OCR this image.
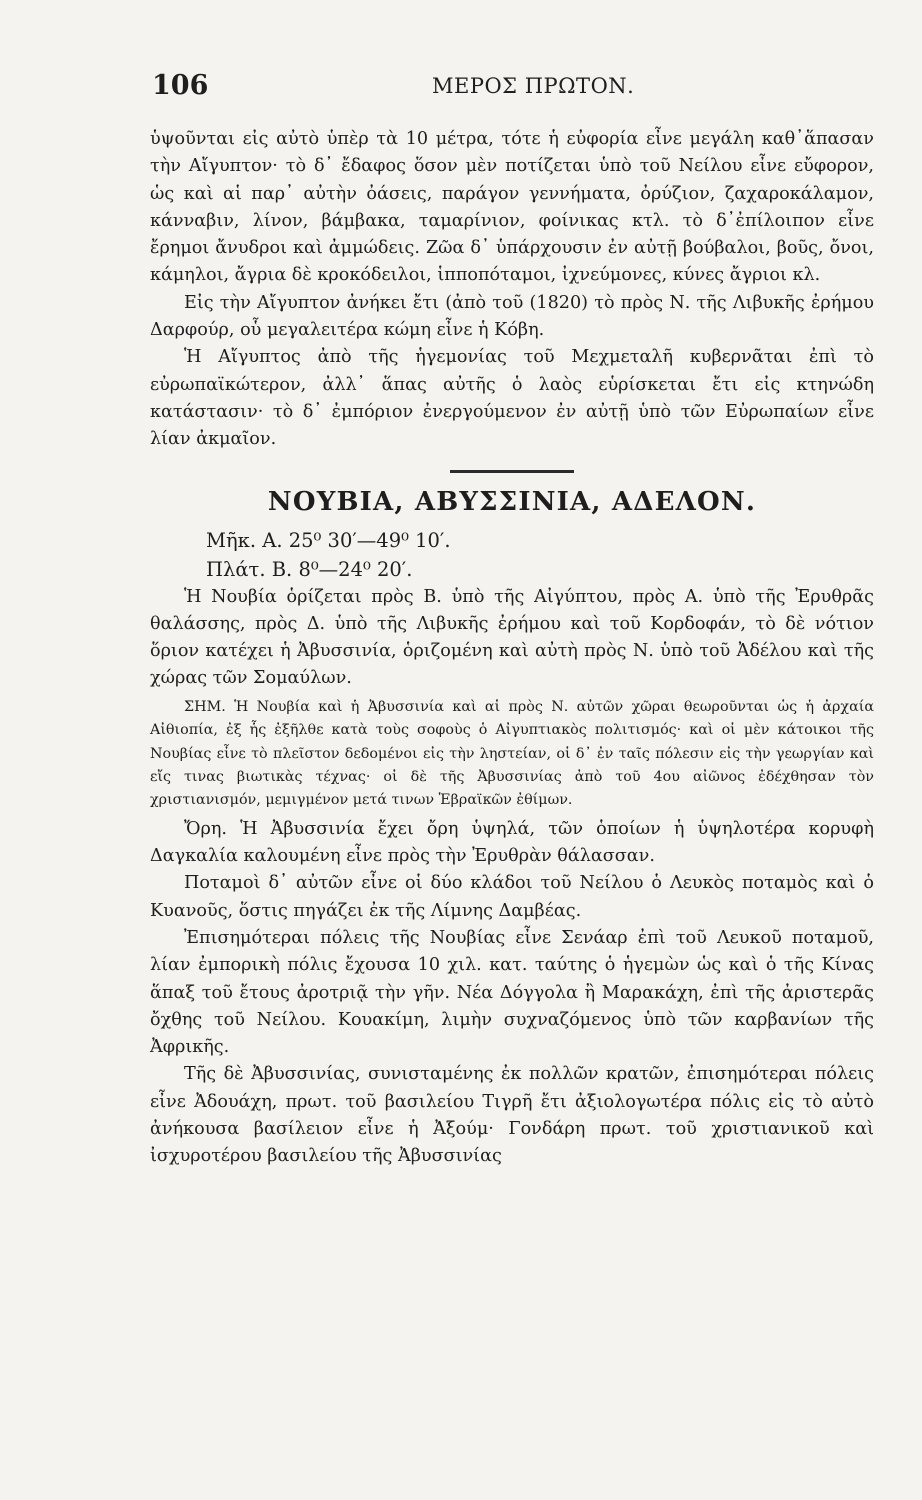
106	ΜΕΡΟΣ ΠΡΩΤΟΝ.

ὑψοῦνται εἰς αὐτὸ ὑπὲρ τὰ 10 μέτρα, τότε ἡ εὐφορία εἶνε μεγάλη καθ᾽ἅπασαν τὴν Αἴγυπτον· τὸ δ᾽ ἔδαφος ὅσον μὲν ποτίζεται ὑπὸ τοῦ Νείλου εἶνε εὔφορον, ὡς καὶ αἱ παρ᾽ αὐτὴν ὀάσεις, παράγον γεννήματα, ὀρύζιον, ζαχαροκάλαμον, κάνναβιν, λίνον, βάμβακα, ταμαρίνιον, φοίνικας κτλ. τὸ δ᾽ἐπίλοιπον εἶνε ἔρημοι ἄνυδροι καὶ ἀμμώδεις. Ζῶα δ᾽ ὑπάρχουσιν ἐν αὐτῇ βούβαλοι, βοῦς, ὄνοι, κάμηλοι, ἄγρια δὲ κροκόδειλοι, ἱπποπόταμοι, ἰχνεύμονες, κύνες ἄγριοι κλ.

Εἰς τὴν Αἴγυπτον ἀνήκει ἔτι (ἀπὸ τοῦ (1820) τὸ πρὸς Ν. τῆς Λιβυκῆς ἐρήμου Δαρφούρ, οὗ μεγαλειτέρα κώμη εἶνε ἡ Κόβη.

Ἡ Αἴγυπτος ἀπὸ τῆς ἡγεμονίας τοῦ Μεχμεταλῆ κυβερνᾶται ἐπὶ τὸ εὐρωπαϊκώτερον, ἀλλ᾽ ἅπας αὐτῆς ὁ λαὸς εὑρίσκεται ἔτι εἰς κτηνώδη κατάστασιν· τὸ δ᾽ ἐμπόριον ἐνεργούμενον ἐν αὐτῇ ὑπὸ τῶν Εὐρωπαίων εἶνε λίαν ἀκμαῖον.

ΝΟΥΒΙΑ, ΑΒΥΣΣΙΝΙΑ, ΑΔΕΛΟΝ.
Μῆκ. Α. 25⁰ 30′—49⁰ 10′.
Πλάτ. Β. 8⁰—24⁰ 20′.

Ἡ Νουβία ὁρίζεται πρὸς Β. ὑπὸ τῆς Αἰγύπτου, πρὸς Α. ὑπὸ τῆς Ἐρυθρᾶς θαλάσσης, πρὸς Δ. ὑπὸ τῆς Λιβυκῆς ἐρήμου καὶ τοῦ Κορδοφάν, τὸ δὲ νότιον ὅριον κατέχει ἡ Ἀβυσσινία, ὁριζομένη καὶ αὐτὴ πρὸς Ν. ὑπὸ τοῦ Ἀδέλου καὶ τῆς χώρας τῶν Σομαύλων.

ΣΗΜ. Ἡ Νουβία καὶ ἡ Ἀβυσσινία καὶ αἱ πρὸς Ν. αὐτῶν χῶραι θεωροῦνται ὡς ἡ ἀρχαία Αἰθιοπία, ἐξ ἧς ἐξῆλθε κατὰ τοὺς σοφοὺς ὁ Αἰγυπτιακὸς πολιτισμός· καὶ οἱ μὲν κάτοικοι τῆς Νουβίας εἶνε τὸ πλεῖστον δεδομένοι εἰς τὴν ληστείαν, οἱ δ᾽ ἐν ταῖς πόλεσιν εἰς τὴν γεωργίαν καὶ εἴς τινας βιωτικὰς τέχνας· οἱ δὲ τῆς Ἀβυσσινίας ἀπὸ τοῦ 4ου αἰῶνος ἐδέχθησαν τὸν χριστιανισμόν, μεμιγμένον μετά τινων Ἑβραϊκῶν ἐθίμων.

Ὄρη. Ἡ Ἀβυσσινία ἔχει ὄρη ὑψηλά, τῶν ὁποίων ἡ ὑψηλοτέρα κορυφὴ Δαγκαλία καλουμένη εἶνε πρὸς τὴν Ἐρυθρὰν θάλασσαν.

Ποταμοὶ δ᾽ αὐτῶν εἶνε οἱ δύο κλάδοι τοῦ Νείλου ὁ Λευκὸς ποταμὸς καὶ ὁ Κυανοῦς, ὅστις πηγάζει ἐκ τῆς Λίμνης Δαμβέας.

Ἐπισημότεραι πόλεις τῆς Νουβίας εἶνε Σενάαρ ἐπὶ τοῦ Λευκοῦ ποταμοῦ, λίαν ἐμπορικὴ πόλις ἔχουσα 10 χιλ. κατ. ταύτης ὁ ἡγεμὼν ὡς καὶ ὁ τῆς Κίνας ἅπαξ τοῦ ἔτους ἀροτριᾷ τὴν γῆν. Νέα Δόγγολα ἢ Μαρακάχη, ἐπὶ τῆς ἀριστερᾶς ὄχθης τοῦ Νείλου. Κουακίμη, λιμὴν συχναζόμενος ὑπὸ τῶν καρβανίων τῆς Ἀφρικῆς.

Τῆς δὲ Ἀβυσσινίας, συνισταμένης ἐκ πολλῶν κρατῶν, ἐπισημότεραι πόλεις εἶνε Ἀδουάχη, πρωτ. τοῦ βασιλείου Τιγρῆ ἔτι ἀξιολογωτέρα πόλις εἰς τὸ αὐτὸ ἀνήκουσα βασίλειον εἶνε ἡ Ἀξούμ· Γονδάρη πρωτ. τοῦ χριστιανικοῦ καὶ ἰσχυροτέρου βασιλείου τῆς Ἀβυσσινίας
